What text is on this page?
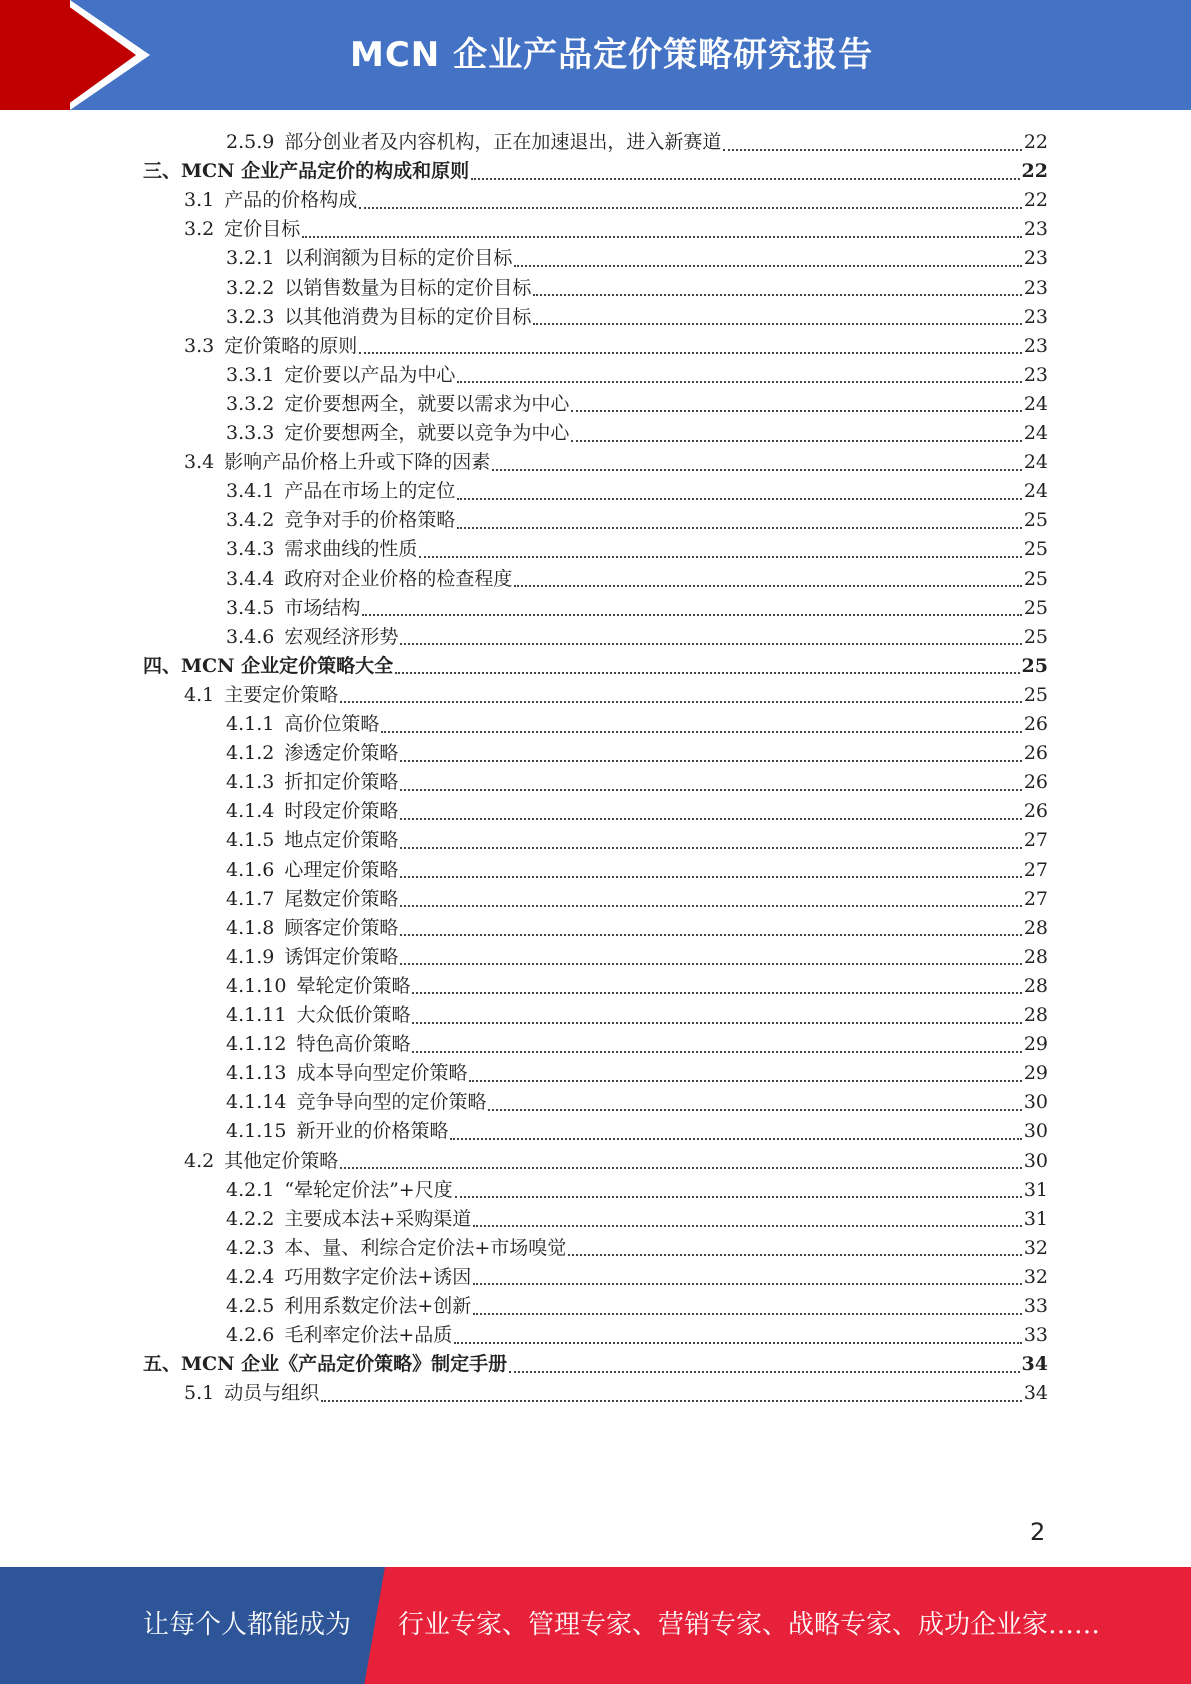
MCN 企业产品定价策略研究报告
2.5.9 部分创业者及内容机构，正在加速退出，进入新赛道	22
三、MCN 企业产品定价的构成和原则	22
3.1 产品的价格构成	22
3.2 定价目标	23
3.2.1 以利润额为目标的定价目标	23
3.2.2 以销售数量为目标的定价目标	23
3.2.3 以其他消费为目标的定价目标	23
3.3 定价策略的原则	23
3.3.1 定价要以产品为中心	23
3.3.2 定价要想两全，就要以需求为中心	24
3.3.3 定价要想两全，就要以竞争为中心	24
3.4 影响产品价格上升或下降的因素	24
3.4.1 产品在市场上的定位	24
3.4.2 竞争对手的价格策略	25
3.4.3 需求曲线的性质	25
3.4.4 政府对企业价格的检查程度	25
3.4.5 市场结构	25
3.4.6 宏观经济形势	25
四、MCN 企业定价策略大全	25
4.1 主要定价策略	25
4.1.1 高价位策略	26
4.1.2 渗透定价策略	26
4.1.3 折扣定价策略	26
4.1.4 时段定价策略	26
4.1.5 地点定价策略	27
4.1.6 心理定价策略	27
4.1.7 尾数定价策略	27
4.1.8 顾客定价策略	28
4.1.9 诱饵定价策略	28
4.1.10 晕轮定价策略	28
4.1.11 大众低价策略	28
4.1.12 特色高价策略	29
4.1.13 成本导向型定价策略	29
4.1.14 竞争导向型的定价策略	30
4.1.15 新开业的价格策略	30
4.2 其他定价策略	30
4.2.1 “晕轮定价法”+尺度	31
4.2.2 主要成本法+采购渠道	31
4.2.3 本、量、利综合定价法+市场嗅觉	32
4.2.4 巧用数字定价法+诱因	32
4.2.5 利用系数定价法+创新	33
4.2.6 毛利率定价法+品质	33
五、MCN 企业《产品定价策略》制定手册	34
5.1 动员与组织	34
2
让每个人都能成为 行业专家、管理专家、营销专家、战略专家、成功企业家……
